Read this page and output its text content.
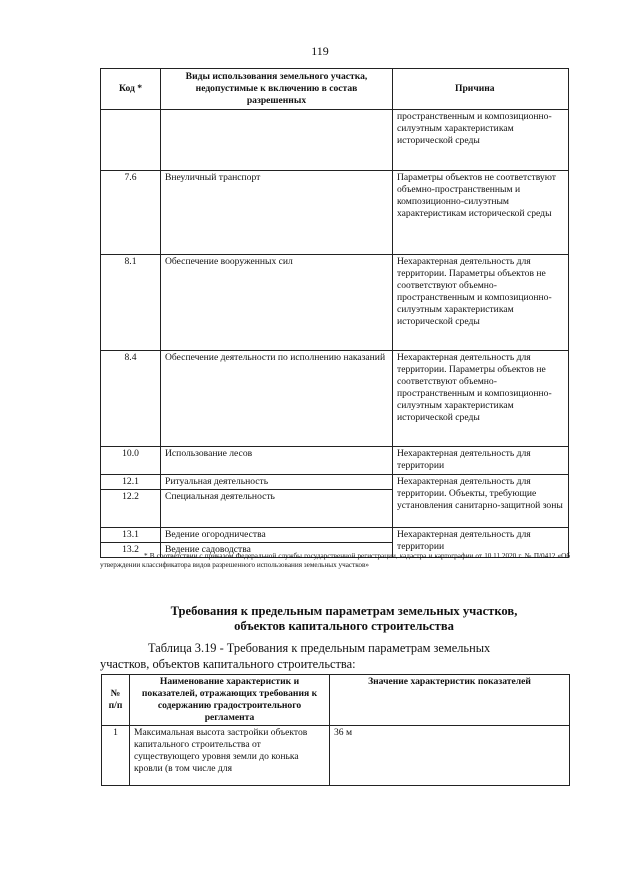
119
Код *	Виды использования земельного участка, недопустимые к включению в состав разрешенных	Причина
		пространственным и композиционно-силуэтным характеристикам исторической среды
7.6	Внеуличный транспорт	Параметры объектов не соответствуют объемно-пространственным и композиционно-силуэтным характеристикам исторической среды
8.1	Обеспечение вооруженных сил	Нехарактерная деятельность для территории. Параметры объектов не соответствуют объемно-пространственным и композиционно-силуэтным характеристикам исторической среды
8.4	Обеспечение деятельности по исполнению наказаний	Нехарактерная деятельность для территории. Параметры объектов не соответствуют объемно-пространственным и композиционно-силуэтным характеристикам исторической среды
10.0	Использование лесов	Нехарактерная деятельность для территории
12.1	Ритуальная деятельность	Нехарактерная деятельность для территории. Объекты, требующие установления санитарно-защитной зоны
12.2	Специальная деятельность	
13.1	Ведение огородничества	Нехарактерная деятельность для территории
13.2	Ведение садоводства	
* В соответствии с приказом Федеральной службы государственной регистрации, кадастра и картографии от 10.11.2020 г. № П/0412 «Об утверждении классификатора видов разрешенного использования земельных участков»
Требования к предельным параметрам земельных участков, объектов капитального строительства
Таблица 3.19 - Требования к предельным параметрам земельных
участков, объектов капитального строительства:
№ п/п	Наименование характеристик и показателей, отражающих требования к содержанию градостроительного регламента	Значение характеристик показателей
1	Максимальная высота застройки объектов капитального строительства от существующего уровня земли до конька кровли (в том числе для	36 м
